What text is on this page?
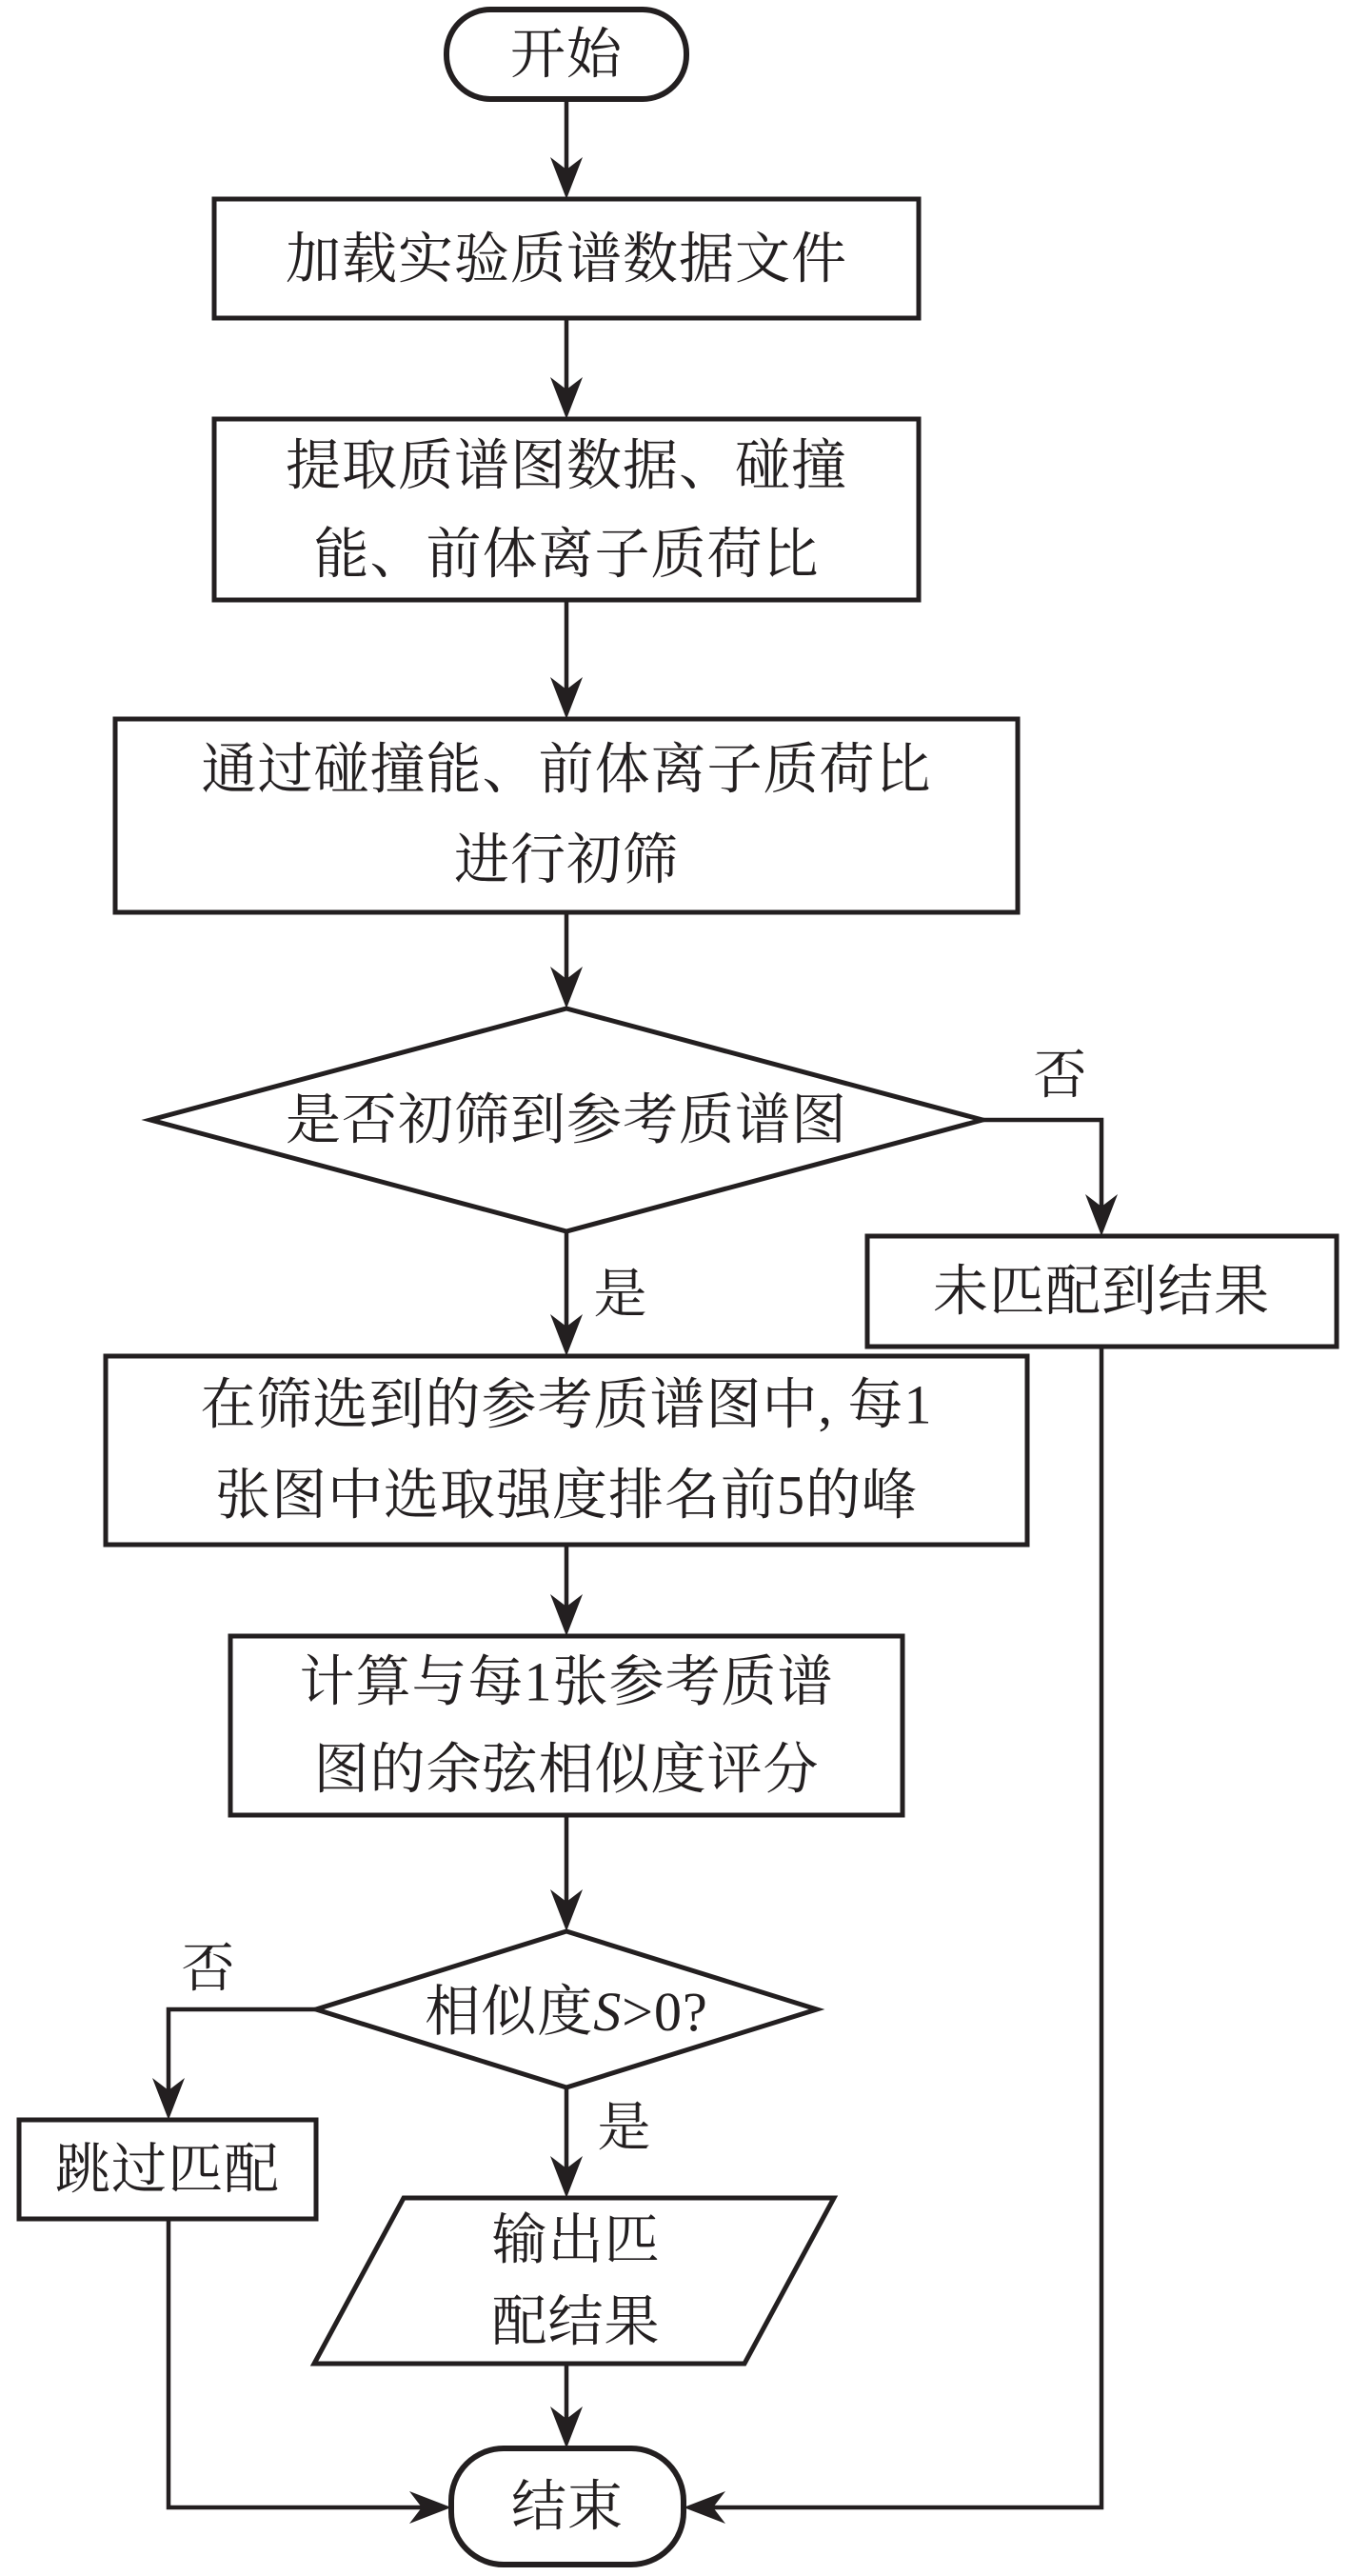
开始
加载实验质谱数据文件
提取质谱图数据、碰撞
能、前体离子质荷比
通过碰撞能、前体离子质荷比
进行初筛
是否初筛到参考质谱图
否
是	未匹配到结果
在筛选到的参考质谱图中, 每1
张图中选取强度排名前5的峰
计算与每1张参考质谱
图的余弦相似度评分
相似度S>0?
否
是
跳过匹配
输出匹
配结果
结束
